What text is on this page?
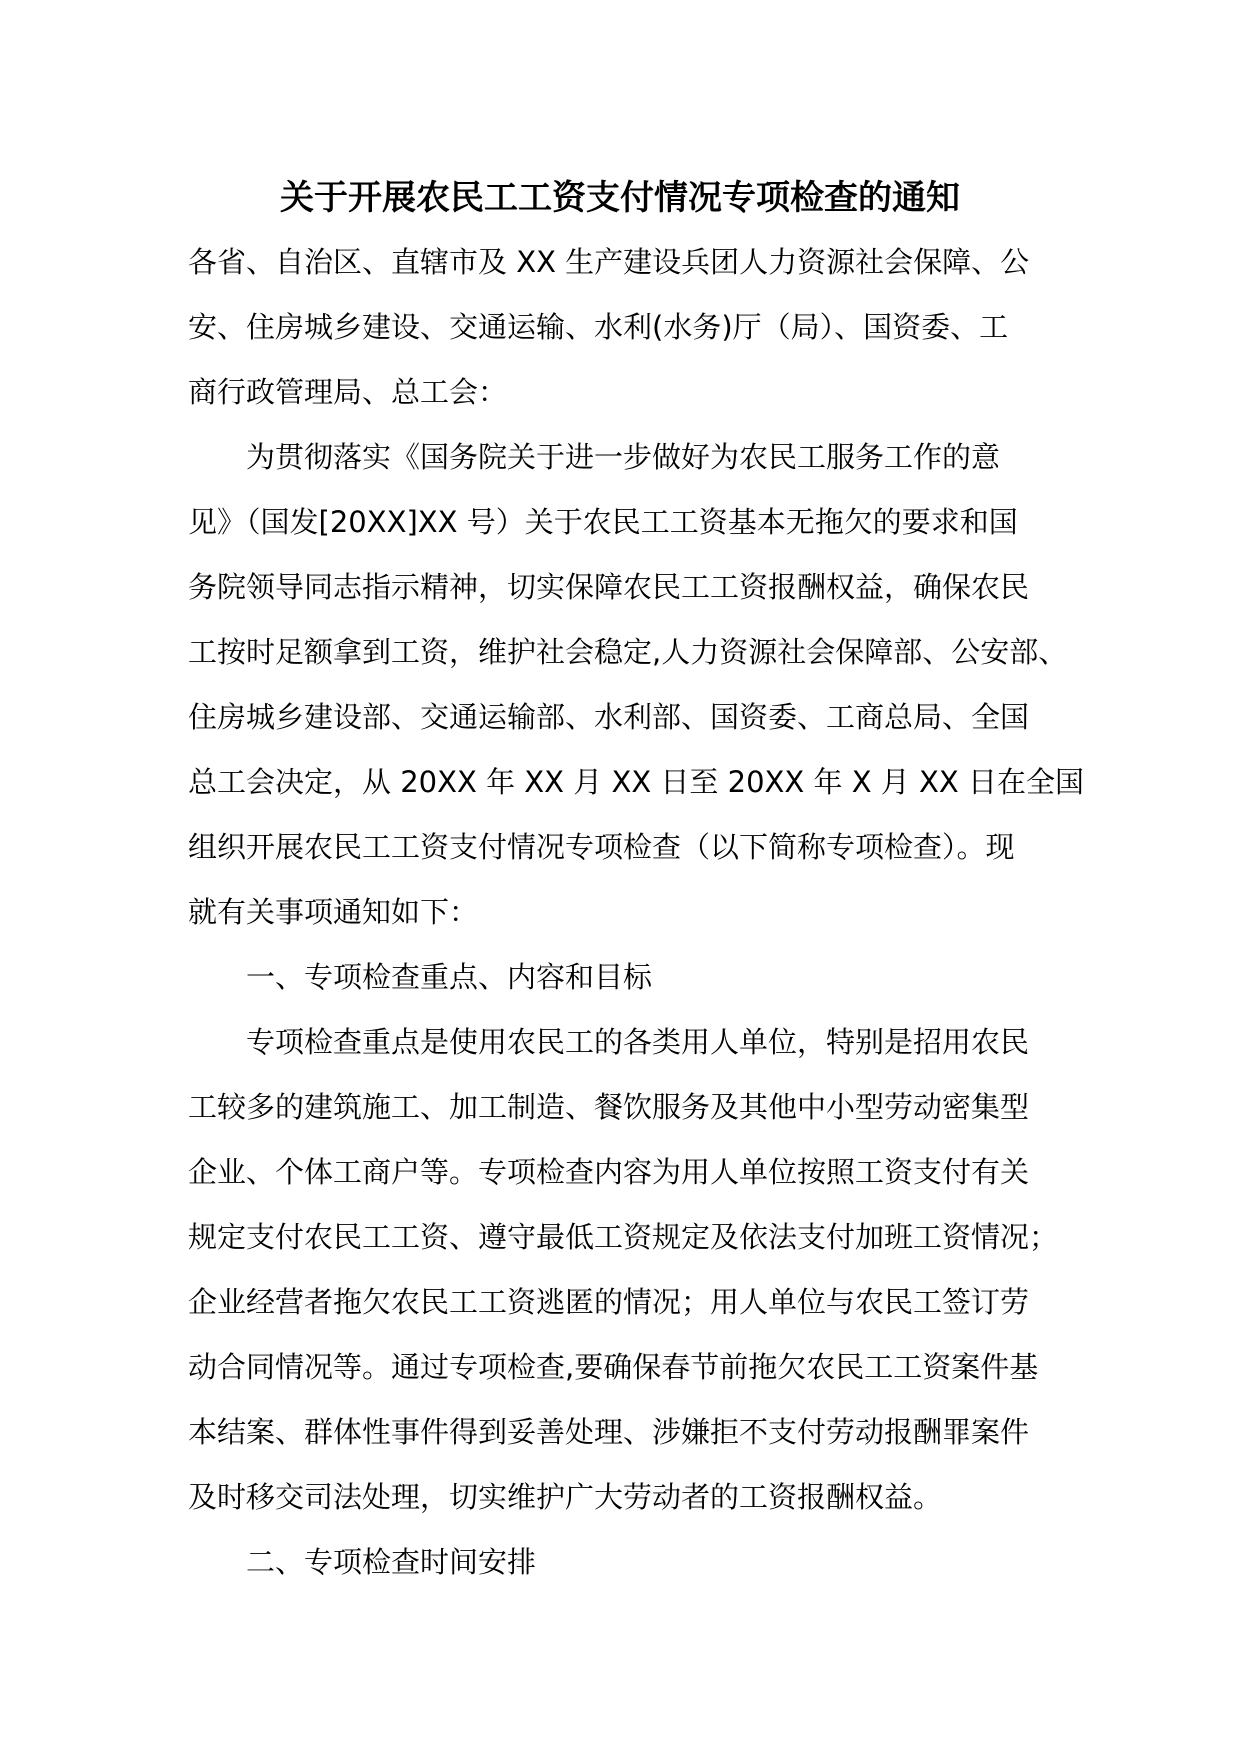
关于开展农民工工资支付情况专项检查的通知
各省、自治区、直辖市及 XX 生产建设兵团人力资源社会保障、公
安、住房城乡建设、交通运输、水利(水务)厅（局）、国资委、工
商行政管理局、总工会：
为贯彻落实《国务院关于进一步做好为农民工服务工作的意
见》（国发[20XX]XX 号）关于农民工工资基本无拖欠的要求和国
务院领导同志指示精神，切实保障农民工工资报酬权益，确保农民
工按时足额拿到工资，维护社会稳定,人力资源社会保障部、公安部、
住房城乡建设部、交通运输部、水利部、国资委、工商总局、全国
总工会决定，从 20XX 年 XX 月 XX 日至 20XX 年 X 月 XX 日在全国
组织开展农民工工资支付情况专项检查（以下简称专项检查）。现
就有关事项通知如下：
一、专项检查重点、内容和目标
专项检查重点是使用农民工的各类用人单位，特别是招用农民
工较多的建筑施工、加工制造、餐饮服务及其他中小型劳动密集型
企业、个体工商户等。专项检查内容为用人单位按照工资支付有关
规定支付农民工工资、遵守最低工资规定及依法支付加班工资情况；
企业经营者拖欠农民工工资逃匿的情况；用人单位与农民工签订劳
动合同情况等。通过专项检查,要确保春节前拖欠农民工工资案件基
本结案、群体性事件得到妥善处理、涉嫌拒不支付劳动报酬罪案件
及时移交司法处理，切实维护广大劳动者的工资报酬权益。
二、专项检查时间安排
